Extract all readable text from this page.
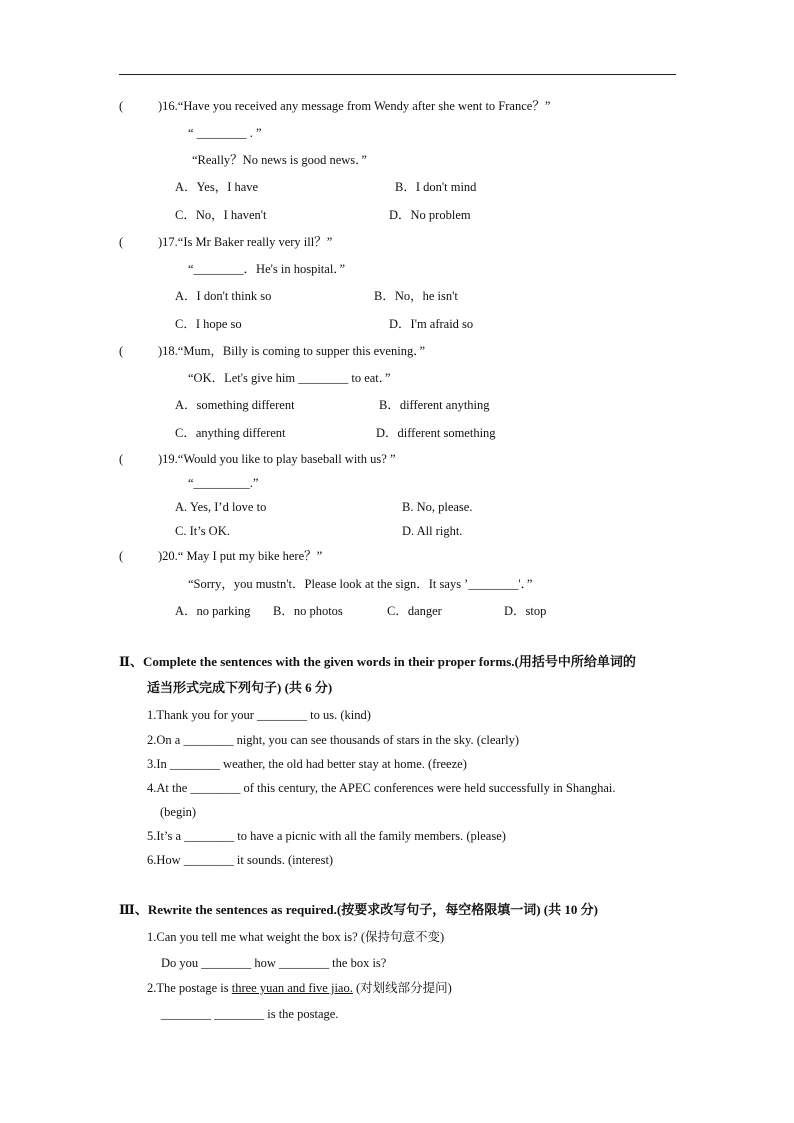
(	)16.“Have you received any message from Wendy after she went to France？”
“ ________ . ”
“Really？No news is good news．”
A．Yes，I have	B．I don't mind
C．No，I haven't	D．No problem
(	)17.“Is Mr Baker really very ill？”
“________．He's in hospital．”
A．I don't think so	B．No，he isn't
C．I hope so	D．I'm afraid so
(	)18.“Mum，Billy is coming to supper this evening．”
“OK．Let's give him ________ to eat．”
A．something different	B．different anything
C．anything different	D．different something
(	)19.“Would you like to play baseball with us? ”
“_________.”
A. Yes, I’d love to	B. No, please.
C. It’s OK.	D. All right.
(	)20.“ May I put my bike here？”
“Sorry，you mustn't．Please look at the sign．It says ’________'．”
A．no parking B．no photos	C．danger	D．stop
Ⅱ、Complete the sentences with the given words in their proper forms.(用括号中所给单词的
适当形式完成下列句子) (共 6 分)
1.Thank you for your ________ to us. (kind)
2.On a ________ night, you can see thousands of stars in the sky. (clearly)
3.In ________ weather, the old had better stay at home. (freeze)
4.At the ________ of this century, the APEC conferences were held successfully in Shanghai.
(begin)
5.It’s a ________ to have a picnic with all the family members. (please)
6.How ________ it sounds. (interest)
Ⅲ、Rewrite the sentences as required.(按要求改写句子，每空格限填一词) (共 10 分)
1.Can you tell me what weight the box is? (保持句意不变)
Do you ________ how ________ the box is?
2.The postage is three yuan and five jiao. (对划线部分提问)
________ ________ is the postage.
